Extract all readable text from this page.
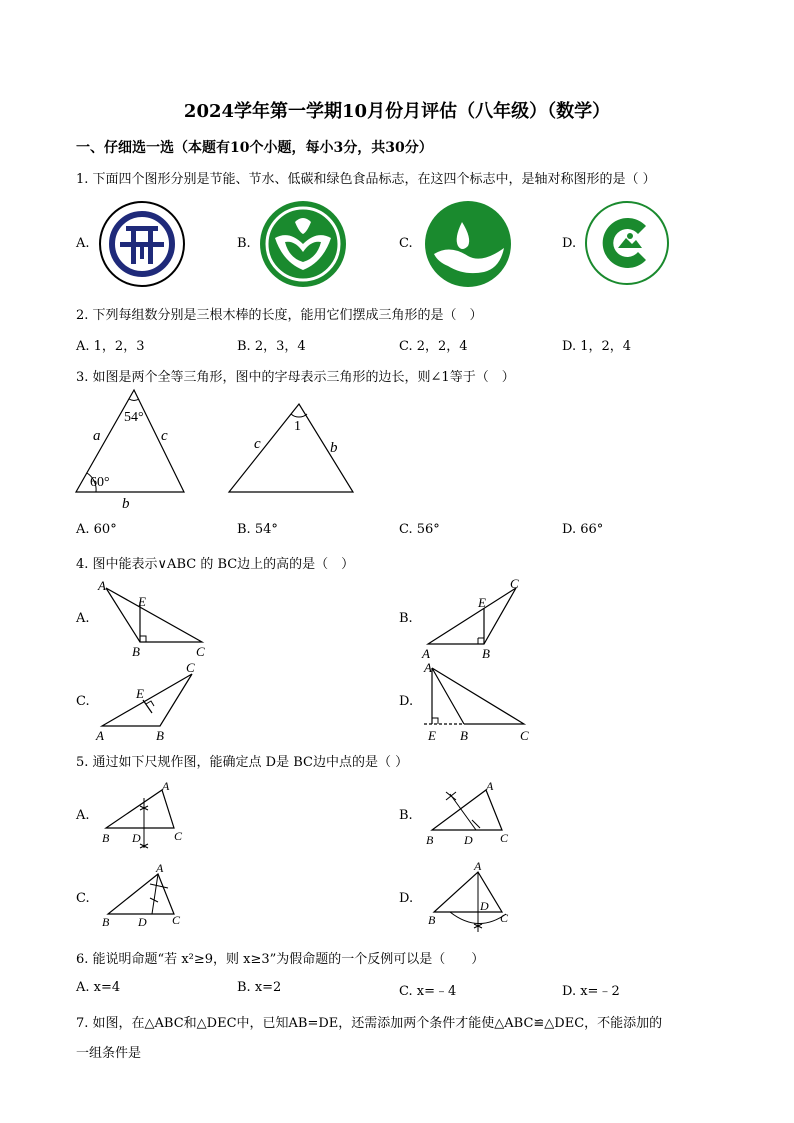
2024学年第一学期10月份月评估（八年级）（数学）
一、仔细选一选（本题有10个小题，每小3分，共30分）
1. 下面四个图形分别是节能、节水、低碳和绿色食品标志，在这四个标志中，是轴对称图形的是（ ）
A.	B.	C.	D.
2. 下列每组数分别是三根木棒的长度，能用它们摆成三角形的是（　）
A. 1，2，3	B. 2，3，4	C. 2，2，4	D. 1，2，4
3. 如图是两个全等三角形，图中的字母表示三角形的边长，则∠1等于（　）
54°
60°
a	c
b
1
c	b
A. 60°	B. 54°	C. 56°	D. 66°
4. 图中能表示∨ABC 的 BC边上的高的是（　）
A.	B.
C.	D.
A
E
B	C	A
E
B
C
A
E
B
C	A
E B	C
5. 通过如下尺规作图，能确定点 D是 BC边中点的是（ ）
A.	B.
C.	D.
A
B D	C
A
B	D C
A
B D C
A
B
D
C
6. 能说明命题“若 x²≥9，则 x≥3”为假命题的一个反例可以是（　　）
A. x=4	B. x=2	C. x=﹣4	D. x=﹣2
7. 如图，在△ABC和△DEC中，已知AB=DE，还需添加两个条件才能使△ABC≌△DEC，不能添加的
一组条件是
